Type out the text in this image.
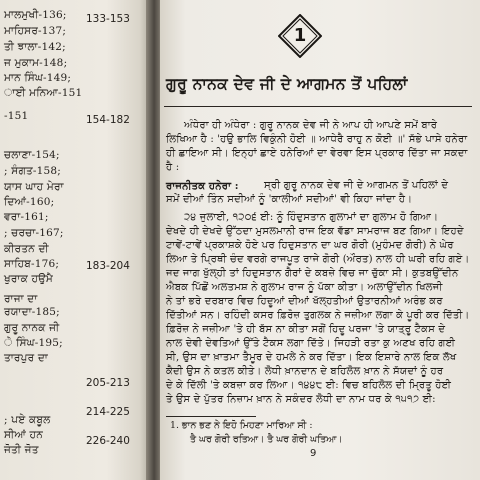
ਮਾਲਮੁਖੀ-136;
ਮਾਹਿਸਰ-137;
ਤੀ ਝਾਲਾ-142;
ਜ ਮੁਕਾਮ-148;
ਮਾਨ ਸਿੰਘ-149;
ਾਈ ਮਨਿਆ-151
-151
ਚਲਾਣਾ-154;
; ਸੰਗਤ-158;
ਯਾਸ ਘਾਹ ਮੇਰਾ
ਦਿਆਂ-160;
ਵਰਾ-161;
; ਚਰਚਾ-167;
ਕੀਰਤਨ ਦੀ
ਸਾਹਿਬ-176;
ਖੁਰਾਕ ਹਉਮੈ
ਰਾਜਾ ਦਾ
ਰਯਾਦਾ-185;
ਗੁਰੂ ਨਾਨਕ ਜੀ
ੇ ਸਿੰਘ-195;
ਤਾਰਪੁਰ ਦਾ
; ਪਏ ਕਬੂਲ
ਸੀਆਂ ਹਨ
ਜੋਤੀ ਜੋਤ
133-153
154-182
183-204
205-213
214-225
226-240
1
ਗੁਰੂ ਨਾਨਕ ਦੇਵ ਜੀ ਦੇ ਆਗਮਨ ਤੋਂ ਪਹਿਲਾਂ
ਅੰਧੇਰਾ ਹੀ ਅੰਧੇਰਾ : ਗੁਰੂ ਨਾਨਕ ਦੇਵ ਜੀ ਨੇ ਆਪ ਹੀ ਆਪਣੇ ਸਮੇਂ ਬਾਰੇ
ਲਿਖਿਆ ਹੈ : 'ਹਉ ਭਾਲਿ ਵਿਕੁੰਨੀ ਹੋਈ ॥ ਆਧੇਰੈ ਰਾਹੁ ਨ ਕੋਈ ॥' ਸੱਭੇ ਪਾਸੇ ਹਨੇਰਾ
ਹੀ ਛਾਇਆ ਸੀ। ਇਨ੍ਹਾਂ ਛਾਏ ਹਨੇਰਿਆਂ ਦਾ ਵੇਰਵਾ ਇਸ ਪ੍ਰਕਾਰ ਦਿੱਤਾ ਜਾ ਸਕਦਾ
ਹੈ :
ਰਾਜਨੀਤਕ ਹਨੇਰਾ : ਸ੍ਰੀ ਗੁਰੂ ਨਾਨਕ ਦੇਵ ਜੀ ਦੇ ਆਗਮਨ ਤੋਂ ਪਹਿਲਾਂ ਦੇ
ਸਮੇਂ ਦੀਆਂ ਤਿੰਨ ਸਦੀਆਂ ਨੂੰ 'ਕਾਲੀਆਂ ਸਦੀਆਂ' ਵੀ ਕਿਹਾ ਜਾਂਦਾ ਹੈ।
੨੪ ਜੁਲਾਈ, ੧੨੦੬ ਈ: ਨੂੰ ਹਿੰਦੁਸਤਾਨ ਗੁਲਾਮਾਂ ਦਾ ਗੁਲਾਮ ਹੋ ਗਿਆ।
ਦੇਖਦੇ ਹੀ ਦੇਖਦੇ ਉੱਠਦਾ ਮੁਸਲਮਾਨੀ ਰਾਜ ਇਕ ਵੱਡਾ ਸਾਮਰਾਜ ਬਣ ਗਿਆ। ਇਹਦੇ
ਟਾਵੇਂ-ਟਾਵੇਂ ਪ੍ਰਕਾਸ਼ਕੇ ਹੋਏ ਪਰ ਹਿਦੁਸਤਾਨ ਦਾ ਘਰ ਗੋਰੀ (ਮੁਹੰਮਦ ਗੋਰੀ) ਨੇ ਘੇਰ
ਲਿਆ ਤੇ ਪ੍ਰਿਥੀ ਚੰਦ ਵਰਗੇ ਰਾਜਪੂਤ ਰਾਜੇ ਗੋਰੀ (ਔਰਤ) ਨਾਲ ਹੀ ਘਰੀ ਰਹਿ ਗਏ।
ਜਦ ਜਾਗ ਖੁੱਲ੍ਹੀ ਤਾਂ ਹਿਦੁਸਤਾਨ ਗੈਰਾਂ ਦੇ ਕਬਜ਼ੇ ਵਿਚ ਜਾ ਚੁੱਕਾ ਸੀ। ਕੁਤਬਉੱਦੀਨ
ਐਬਕ ਪਿੱਛੋਂ ਅਲਤਮਸ਼ ਨੇ ਗੁਲਾਮ ਰਾਜ ਨੂੰ ਪੱਕਾ ਕੀਤਾ। ਅਲਾਉੱਦੀਨ ਖਿਲਜੀ
ਨੇ ਤਾਂ ਭਰੇ ਦਰਬਾਰ ਵਿਚ ਹਿਦੂਆਂ ਦੀਆਂ ਖੱਲ੍ਹਤੀਆਂ ਉਤਾਰਨੀਆਂ ਅਰੰਭ ਕਰ
ਦਿੱਤੀਆਂ ਸਨ। ਰਹਿੰਦੀ ਕਸਰ ਫ਼ਿਰੋਜ਼ ਤੁਗਲਕ ਨੇ ਜਜ਼ੀਆ ਲਗਾ ਕੇ ਪੂਰੀ ਕਰ ਦਿੱਤੀ।
ਫ਼ਿਰੋਜ਼ ਨੇ ਜਜ਼ੀਆ 'ਤੇ ਹੀ ਬੱਸ ਨਾ ਕੀਤਾ ਸਗੋਂ ਹਿਦੂ ਪਰਜਾ 'ਤੇ ਯਾਤ੍ਰੂ ਟੈਕਸ ਦੇ
ਨਾਲ ਦੇਵੀ ਦੇਵਤਿਆਂ ਉੱਤੇ ਟੈਕਸ ਲਗਾ ਦਿੱਤੇ। ਜਿਹੜੀ ਰਤਾ ਕੁ ਅਣਖ ਰਹਿ ਗਈ
ਸੀ, ਉਸ ਦਾ ਖ਼ਾਤਮਾ ਤੈਮੂਰ ਦੇ ਹਮਲੇ ਨੇ ਕਰ ਦਿੱਤਾ। ਇਕ ਇਸ਼ਾਰੇ ਨਾਲ ਇਕ ਲੱਖ
ਕੈਦੀ ਉਸ ਨੇ ਕਤਲ ਕੀਤੇ। ਲੋਧੀ ਖ਼ਾਨਦਾਨ ਦੇ ਬਹਿਲੋਲ ਖ਼ਾਨ ਨੇ ਸੱਯਦਾਂ ਨੂੰ ਹਰ
ਦੇ ਕੇ ਦਿੱਲੀ 'ਤੇ ਕਬਜ਼ਾ ਕਰ ਲਿਆ। ੧੪੪੮ ਈ: ਵਿਚ ਬਹਿਲੋਲ ਦੀ ਮ੍ਰਿਤੂ ਹੋਈ
ਤੇ ਉਸ ਦੇ ਪੁੱਤਰ ਨਿਜ਼ਾਮ ਖ਼ਾਨ ਨੇ ਸਕੰਦਰ ਲੋਧੀ ਦਾ ਨਾਮ ਧਰ ਕੇ ੧੫੧੭ ਈ:
1. ਭਾਨ ਭਣ ਨੇ ਇਹੋ ਮਿਹਣਾ ਮਾਰਿਆ ਸੀ :
ਤੈ ਘਰ ਗੋਰੀ ਰਤਿਆ। ਤੈ ਘਰ ਗੋਰੀ ਘਤਿਆ।
9
